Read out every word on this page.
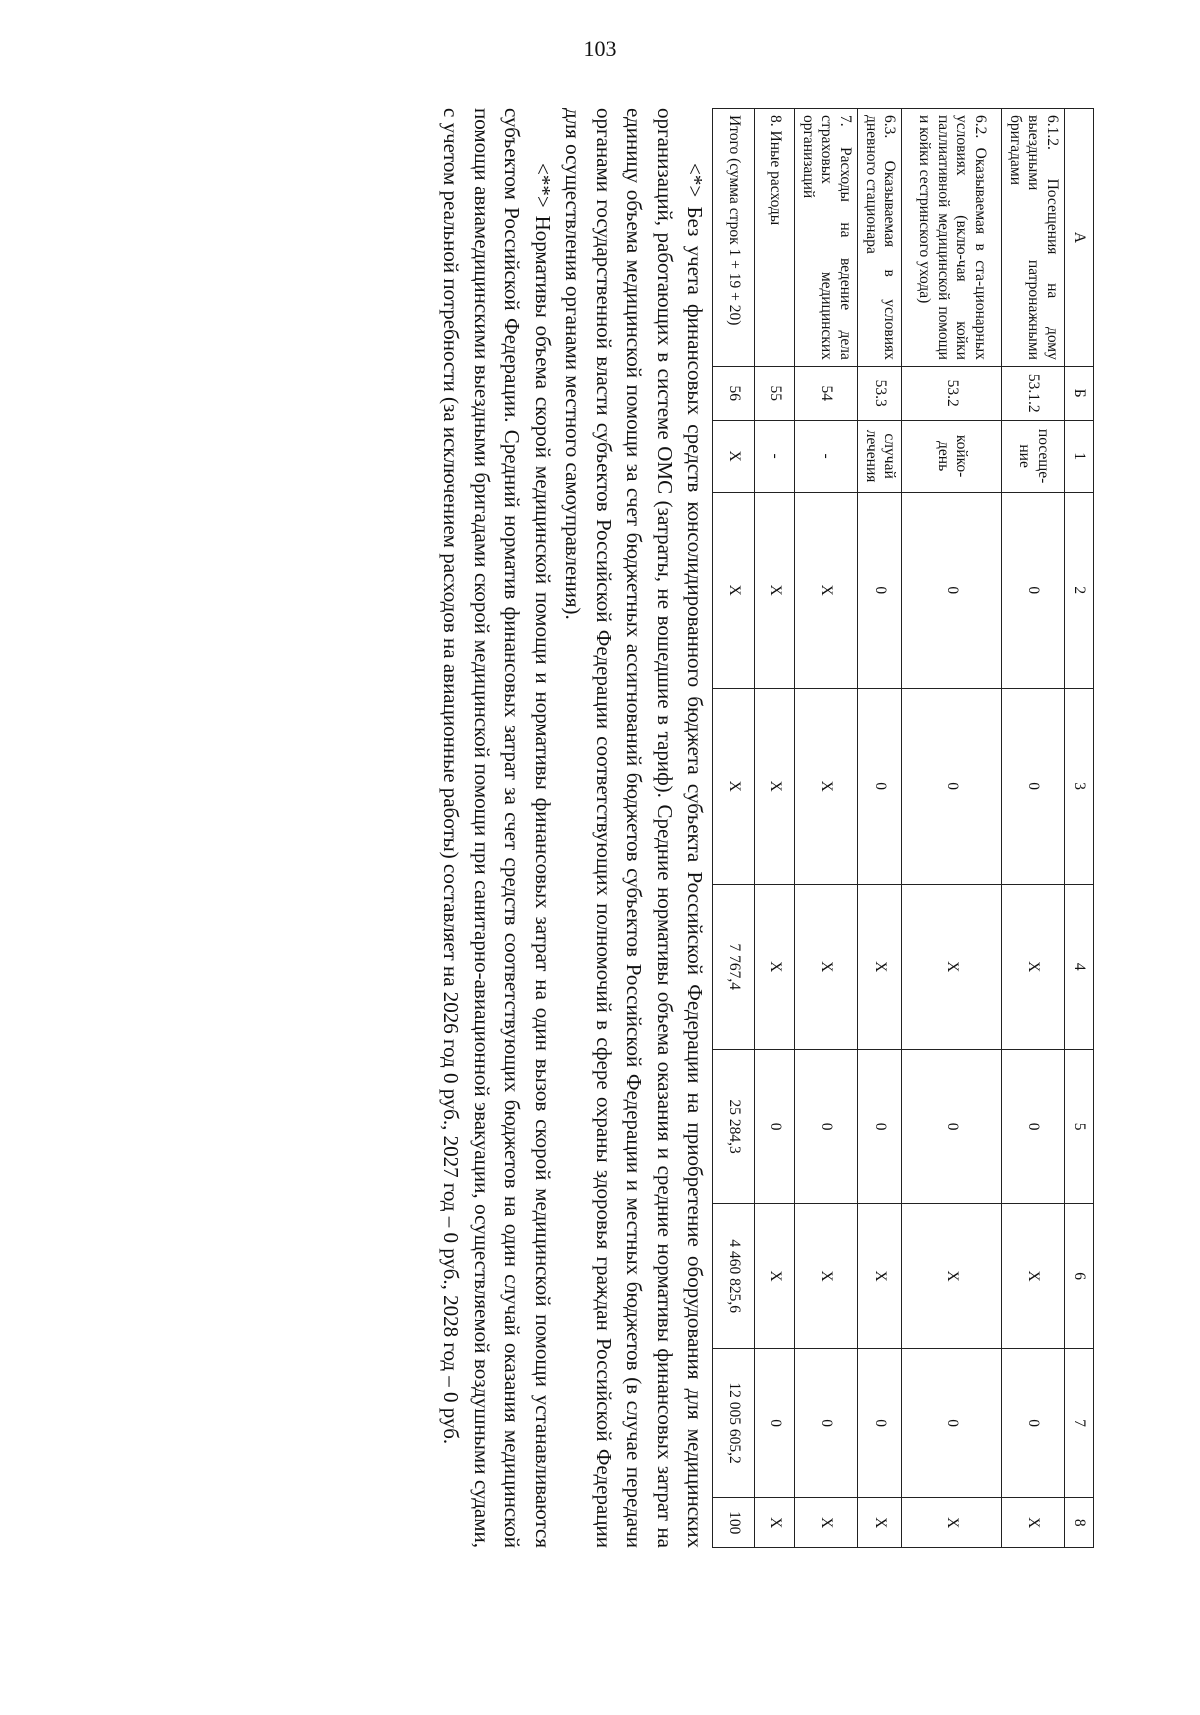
103
А	Б	1	2	3	4	5	6	7	8
6.1.2. Посещения на дому выездными патронажными бригадами	53.1.2	посеще-ние	0	0	Х	0	Х	0	Х
6.2. Оказываемая в ста-ционарных условиях (вклю-чая койки паллиативной медицинской помощи и койки сестринского ухода)	53.2	койко-день	0	0	Х	0	Х	0	Х
6.3. Оказываемая в условиях дневного стационара	53.3	случай лечения	0	0	Х	0	Х	0	Х
7. Расходы на ведение дела страховых медицинских организаций	54	-	Х	Х	Х	0	Х	0	Х
8. Иные расходы	55	-	Х	Х	Х	0	Х	0	Х
Итого (сумма строк 1 + 19 + 20)	56	Х	Х	Х	7 767,4	25 284,3	4 460 825,6	12 005 605,2	100

<*> Без учета финансовых средств консолидированного бюджета субъекта Российской Федерации на приобретение оборудования для медицинских организаций, работающих в системе ОМС (затраты, не вошедшие в тариф). Средние нормативы объема оказания и средние нормативы финансовых затрат на единицу объема медицинской помощи за счет бюджетных ассигнований бюджетов субъектов Российской Федерации и местных бюджетов (в случае передачи органами государственной власти субъектов Российской Федерации соответствующих полномочий в сфере охраны здоровья граждан Российской Федерации для осуществления органами местного самоуправления).

<**> Нормативы объема скорой медицинской помощи и нормативы финансовых затрат на один вызов скорой медицинской помощи устанавливаются субъектом Российской Федерации. Средний норматив финансовых затрат за счет средств соответствующих бюджетов на один случай оказания медицинской помощи авиамедицинскими выездными бригадами скорой медицинской помощи при санитарно-авиационной эвакуации, осуществляемой воздушными судами, с учетом реальной потребности (за исключением расходов на авиационные работы) составляет на 2026 год 0 руб., 2027 год – 0 руб., 2028 год – 0 руб.
